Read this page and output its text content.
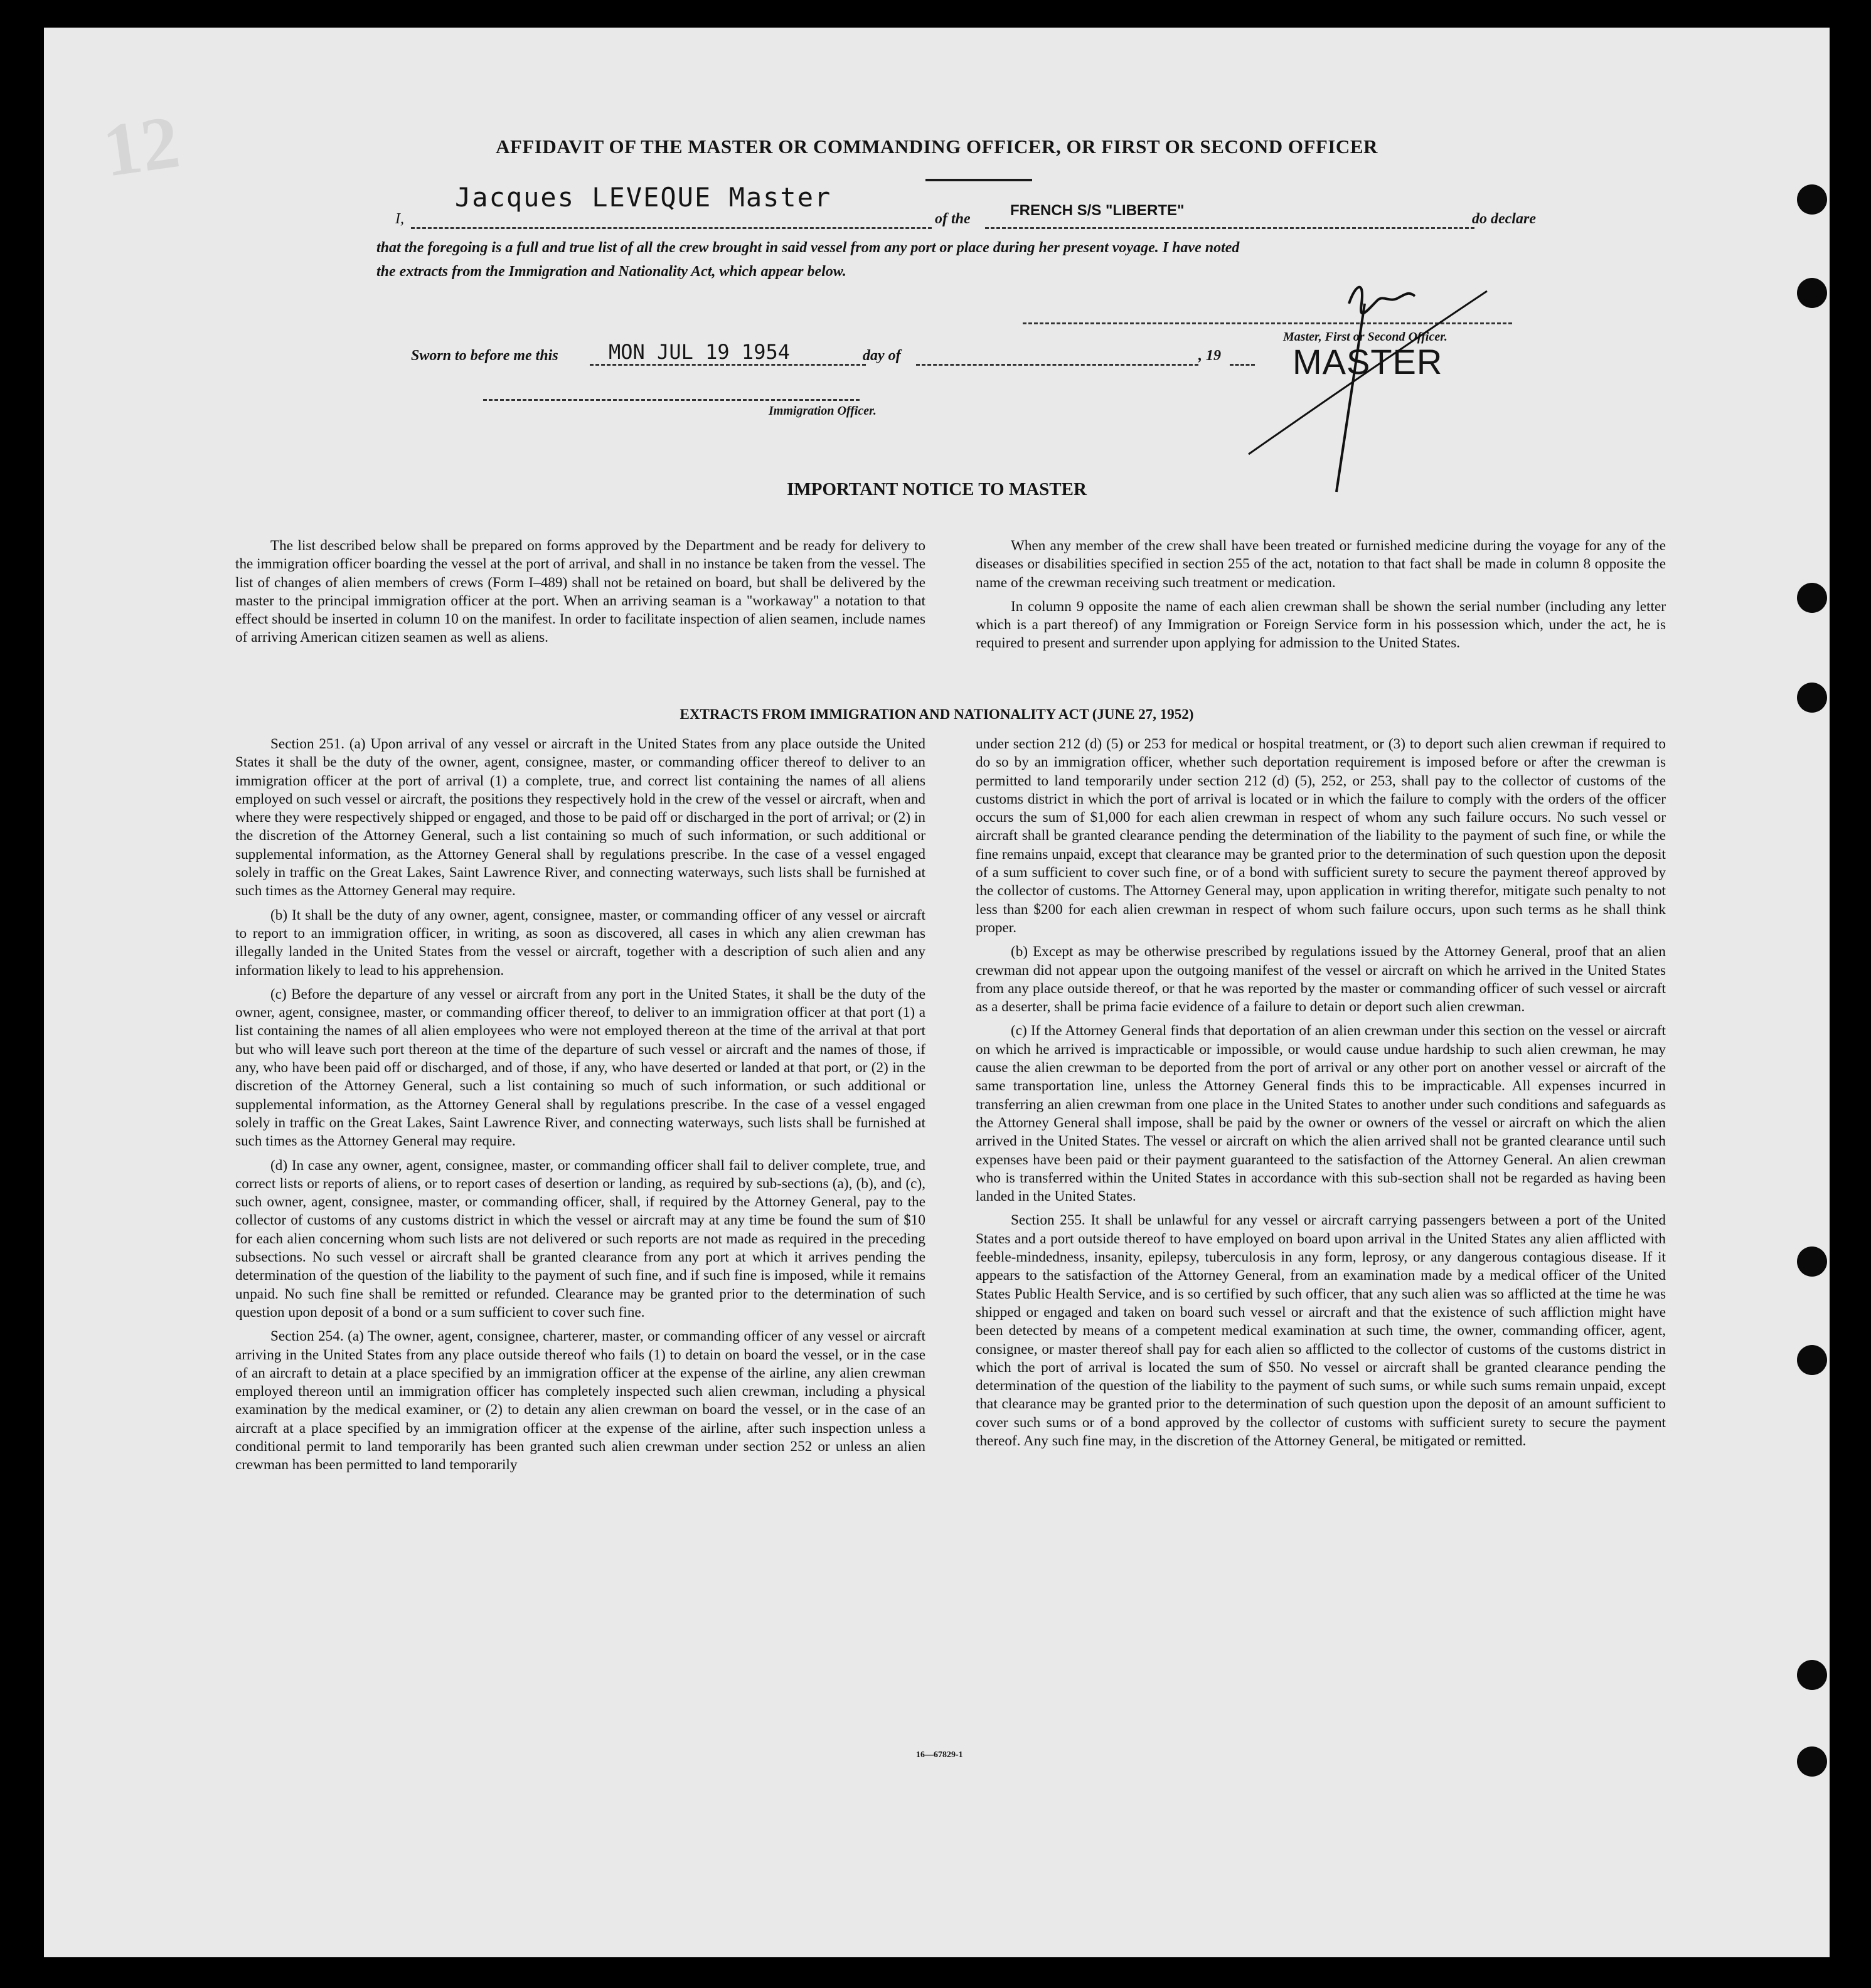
12	AFFIDAVIT OF THE MASTER OR COMMANDING OFFICER, OR FIRST OR SECOND OFFICER
I,
Jacques LEVEQUE Master
of the	FRENCH S/S "LIBERTE"	do declare
that the foregoing is a full and true list of all the crew brought in said vessel from any port or place during her present voyage. I have noted
the extracts from the Immigration and Nationality Act, which appear below.
Master, First or Second Officer.
MASTER
Sworn to before me this	MON JUL 19 1954	day of	, 19
Immigration Officer.
IMPORTANT NOTICE TO MASTER

The list described below shall be prepared on forms approved by the Department and be ready for delivery to the immigration officer boarding the vessel at the port of arrival, and shall in no instance be taken from the vessel. The list of changes of alien members of crews (Form I–489) shall not be retained on board, but shall be delivered by the master to the principal immigration officer at the port. When an arriving seaman is a "workaway" a notation to that effect should be inserted in column 10 on the manifest. In order to facilitate inspection of alien seamen, include names of arriving American citizen seamen as well as aliens.

When any member of the crew shall have been treated or furnished medicine during the voyage for any of the diseases or disabilities specified in section 255 of the act, notation to that fact shall be made in column 8 opposite the name of the crewman receiving such treatment or medication.

In column 9 opposite the name of each alien crewman shall be shown the serial number (including any letter which is a part thereof) of any Immigration or Foreign Service form in his possession which, under the act, he is required to present and surrender upon applying for admission to the United States.

EXTRACTS FROM IMMIGRATION AND NATIONALITY ACT (JUNE 27, 1952)

Section 251. (a) Upon arrival of any vessel or aircraft in the United States from any place outside the United States it shall be the duty of the owner, agent, consignee, master, or commanding officer thereof to deliver to an immigration officer at the port of arrival (1) a complete, true, and correct list containing the names of all aliens employed on such vessel or aircraft, the positions they respectively hold in the crew of the vessel or aircraft, when and where they were respectively shipped or engaged, and those to be paid off or discharged in the port of arrival; or (2) in the discretion of the Attorney General, such a list containing so much of such information, or such additional or supplemental information, as the Attorney General shall by regulations prescribe. In the case of a vessel engaged solely in traffic on the Great Lakes, Saint Lawrence River, and connecting waterways, such lists shall be furnished at such times as the Attorney General may require.

(b) It shall be the duty of any owner, agent, consignee, master, or commanding officer of any vessel or aircraft to report to an immigration officer, in writing, as soon as discovered, all cases in which any alien crewman has illegally landed in the United States from the vessel or aircraft, together with a description of such alien and any information likely to lead to his apprehension.

(c) Before the departure of any vessel or aircraft from any port in the United States, it shall be the duty of the owner, agent, consignee, master, or commanding officer thereof, to deliver to an immigration officer at that port (1) a list containing the names of all alien employees who were not employed thereon at the time of the arrival at that port but who will leave such port thereon at the time of the departure of such vessel or aircraft and the names of those, if any, who have been paid off or discharged, and of those, if any, who have deserted or landed at that port, or (2) in the discretion of the Attorney General, such a list containing so much of such information, or such additional or supplemental information, as the Attorney General shall by regulations prescribe. In the case of a vessel engaged solely in traffic on the Great Lakes, Saint Lawrence River, and connecting waterways, such lists shall be furnished at such times as the Attorney General may require.

(d) In case any owner, agent, consignee, master, or commanding officer shall fail to deliver complete, true, and correct lists or reports of aliens, or to report cases of desertion or landing, as required by sub-sections (a), (b), and (c), such owner, agent, consignee, master, or commanding officer, shall, if required by the Attorney General, pay to the collector of customs of any customs district in which the vessel or aircraft may at any time be found the sum of $10 for each alien concerning whom such lists are not delivered or such reports are not made as required in the preceding subsections. No such vessel or aircraft shall be granted clearance from any port at which it arrives pending the determination of the question of the liability to the payment of such fine, and if such fine is imposed, while it remains unpaid. No such fine shall be remitted or refunded. Clearance may be granted prior to the determination of such question upon deposit of a bond or a sum sufficient to cover such fine.

Section 254. (a) The owner, agent, consignee, charterer, master, or commanding officer of any vessel or aircraft arriving in the United States from any place outside thereof who fails (1) to detain on board the vessel, or in the case of an aircraft to detain at a place specified by an immigration officer at the expense of the airline, any alien crewman employed thereon until an immigration officer has completely inspected such alien crewman, including a physical examination by the medical examiner, or (2) to detain any alien crewman on board the vessel, or in the case of an aircraft at a place specified by an immigration officer at the expense of the airline, after such inspection unless a conditional permit to land temporarily has been granted such alien crewman under section 252 or unless an alien crewman has been permitted to land temporarily

under section 212 (d) (5) or 253 for medical or hospital treatment, or (3) to deport such alien crewman if required to do so by an immigration officer, whether such deportation requirement is imposed before or after the crewman is permitted to land temporarily under section 212 (d) (5), 252, or 253, shall pay to the collector of customs of the customs district in which the port of arrival is located or in which the failure to comply with the orders of the officer occurs the sum of $1,000 for each alien crewman in respect of whom any such failure occurs. No such vessel or aircraft shall be granted clearance pending the determination of the liability to the payment of such fine, or while the fine remains unpaid, except that clearance may be granted prior to the determination of such question upon the deposit of a sum sufficient to cover such fine, or of a bond with sufficient surety to secure the payment thereof approved by the collector of customs. The Attorney General may, upon application in writing therefor, mitigate such penalty to not less than $200 for each alien crewman in respect of whom such failure occurs, upon such terms as he shall think proper.

(b) Except as may be otherwise prescribed by regulations issued by the Attorney General, proof that an alien crewman did not appear upon the outgoing manifest of the vessel or aircraft on which he arrived in the United States from any place outside thereof, or that he was reported by the master or commanding officer of such vessel or aircraft as a deserter, shall be prima facie evidence of a failure to detain or deport such alien crewman.

(c) If the Attorney General finds that deportation of an alien crewman under this section on the vessel or aircraft on which he arrived is impracticable or impossible, or would cause undue hardship to such alien crewman, he may cause the alien crewman to be deported from the port of arrival or any other port on another vessel or aircraft of the same transportation line, unless the Attorney General finds this to be impracticable. All expenses incurred in transferring an alien crewman from one place in the United States to another under such conditions and safeguards as the Attorney General shall impose, shall be paid by the owner or owners of the vessel or aircraft on which the alien arrived in the United States. The vessel or aircraft on which the alien arrived shall not be granted clearance until such expenses have been paid or their payment guaranteed to the satisfaction of the Attorney General. An alien crewman who is transferred within the United States in accordance with this sub-section shall not be regarded as having been landed in the United States.

Section 255. It shall be unlawful for any vessel or aircraft carrying passengers between a port of the United States and a port outside thereof to have employed on board upon arrival in the United States any alien afflicted with feeble-mindedness, insanity, epilepsy, tuberculosis in any form, leprosy, or any dangerous contagious disease. If it appears to the satisfaction of the Attorney General, from an examination made by a medical officer of the United States Public Health Service, and is so certified by such officer, that any such alien was so afflicted at the time he was shipped or engaged and taken on board such vessel or aircraft and that the existence of such affliction might have been detected by means of a competent medical examination at such time, the owner, commanding officer, agent, consignee, or master thereof shall pay for each alien so afflicted to the collector of customs of the customs district in which the port of arrival is located the sum of $50. No vessel or aircraft shall be granted clearance pending the determination of the question of the liability to the payment of such sums, or while such sums remain unpaid, except that clearance may be granted prior to the determination of such question upon the deposit of an amount sufficient to cover such sums or of a bond approved by the collector of customs with sufficient surety to secure the payment thereof. Any such fine may, in the discretion of the Attorney General, be mitigated or remitted.

16—67829-1
